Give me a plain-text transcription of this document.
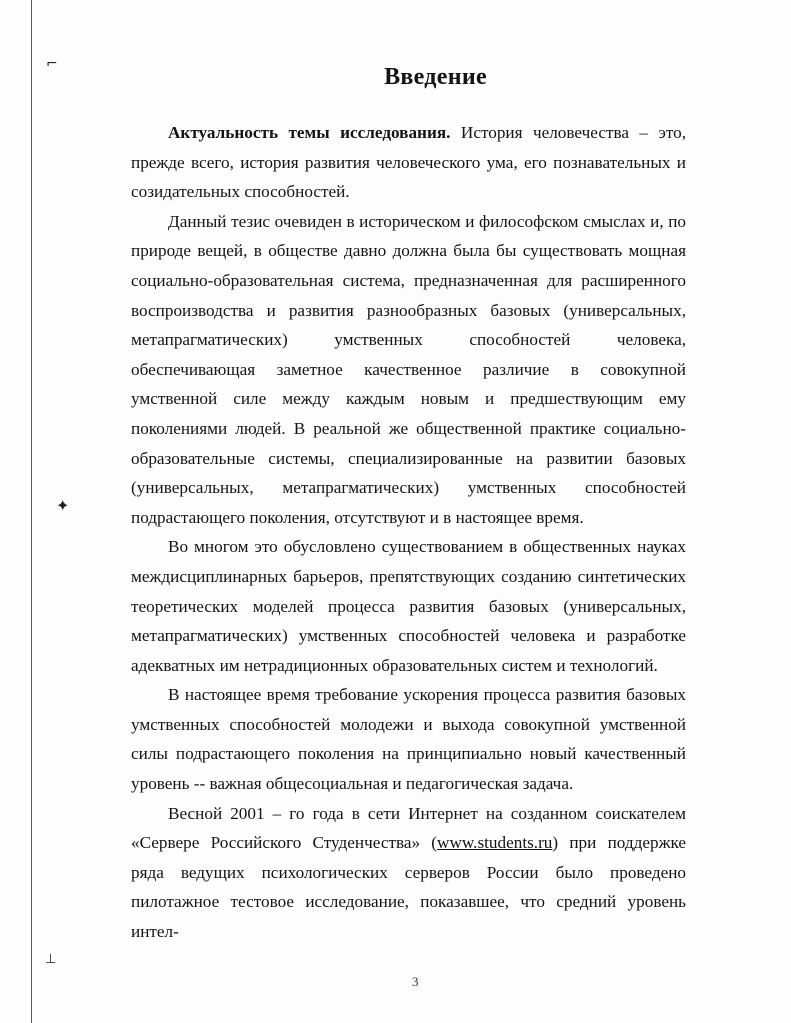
⌐
✦
⊥
Введение

Актуальность темы исследования. История человечества – это, прежде всего, история развития человеческого ума, его познавательных и созидательных способностей.

Данный тезис очевиден в историческом и философском смыслах и, по природе вещей, в обществе давно должна была бы существовать мощная социально-образовательная система, предназначенная для расширенного воспроизводства и развития разнообразных базовых (универсальных, метапрагматических) умственных способностей человека, обеспечивающая заметное качественное различие в совокупной умственной силе между каждым новым и предшествующим ему поколениями людей. В реальной же общественной практике социально-образовательные системы, специализированные на развитии базовых (универсальных, метапрагматических) умственных способностей подрастающего поколения, отсутствуют и в настоящее время.

Во многом это обусловлено существованием в общественных науках междисциплинарных барьеров, препятствующих созданию синтетических теоретических моделей процесса развития базовых (универсальных, метапрагматических) умственных способностей человека и разработке адекватных им нетрадиционных образовательных систем и технологий.

В настоящее время требование ускорения процесса развития базовых умственных способностей молодежи и выхода совокупной умственной силы подрастающего поколения на принципиально новый качественный уровень -- важная общесоциальная и педагогическая задача.

Весной 2001 – го года в сети Интернет на созданном соискателем «Сервере Российского Студенчества» (www.students.ru) при поддержке ряда ведущих психологических серверов России было проведено пилотажное тестовое исследование, показавшее, что средний уровень интел-

3
